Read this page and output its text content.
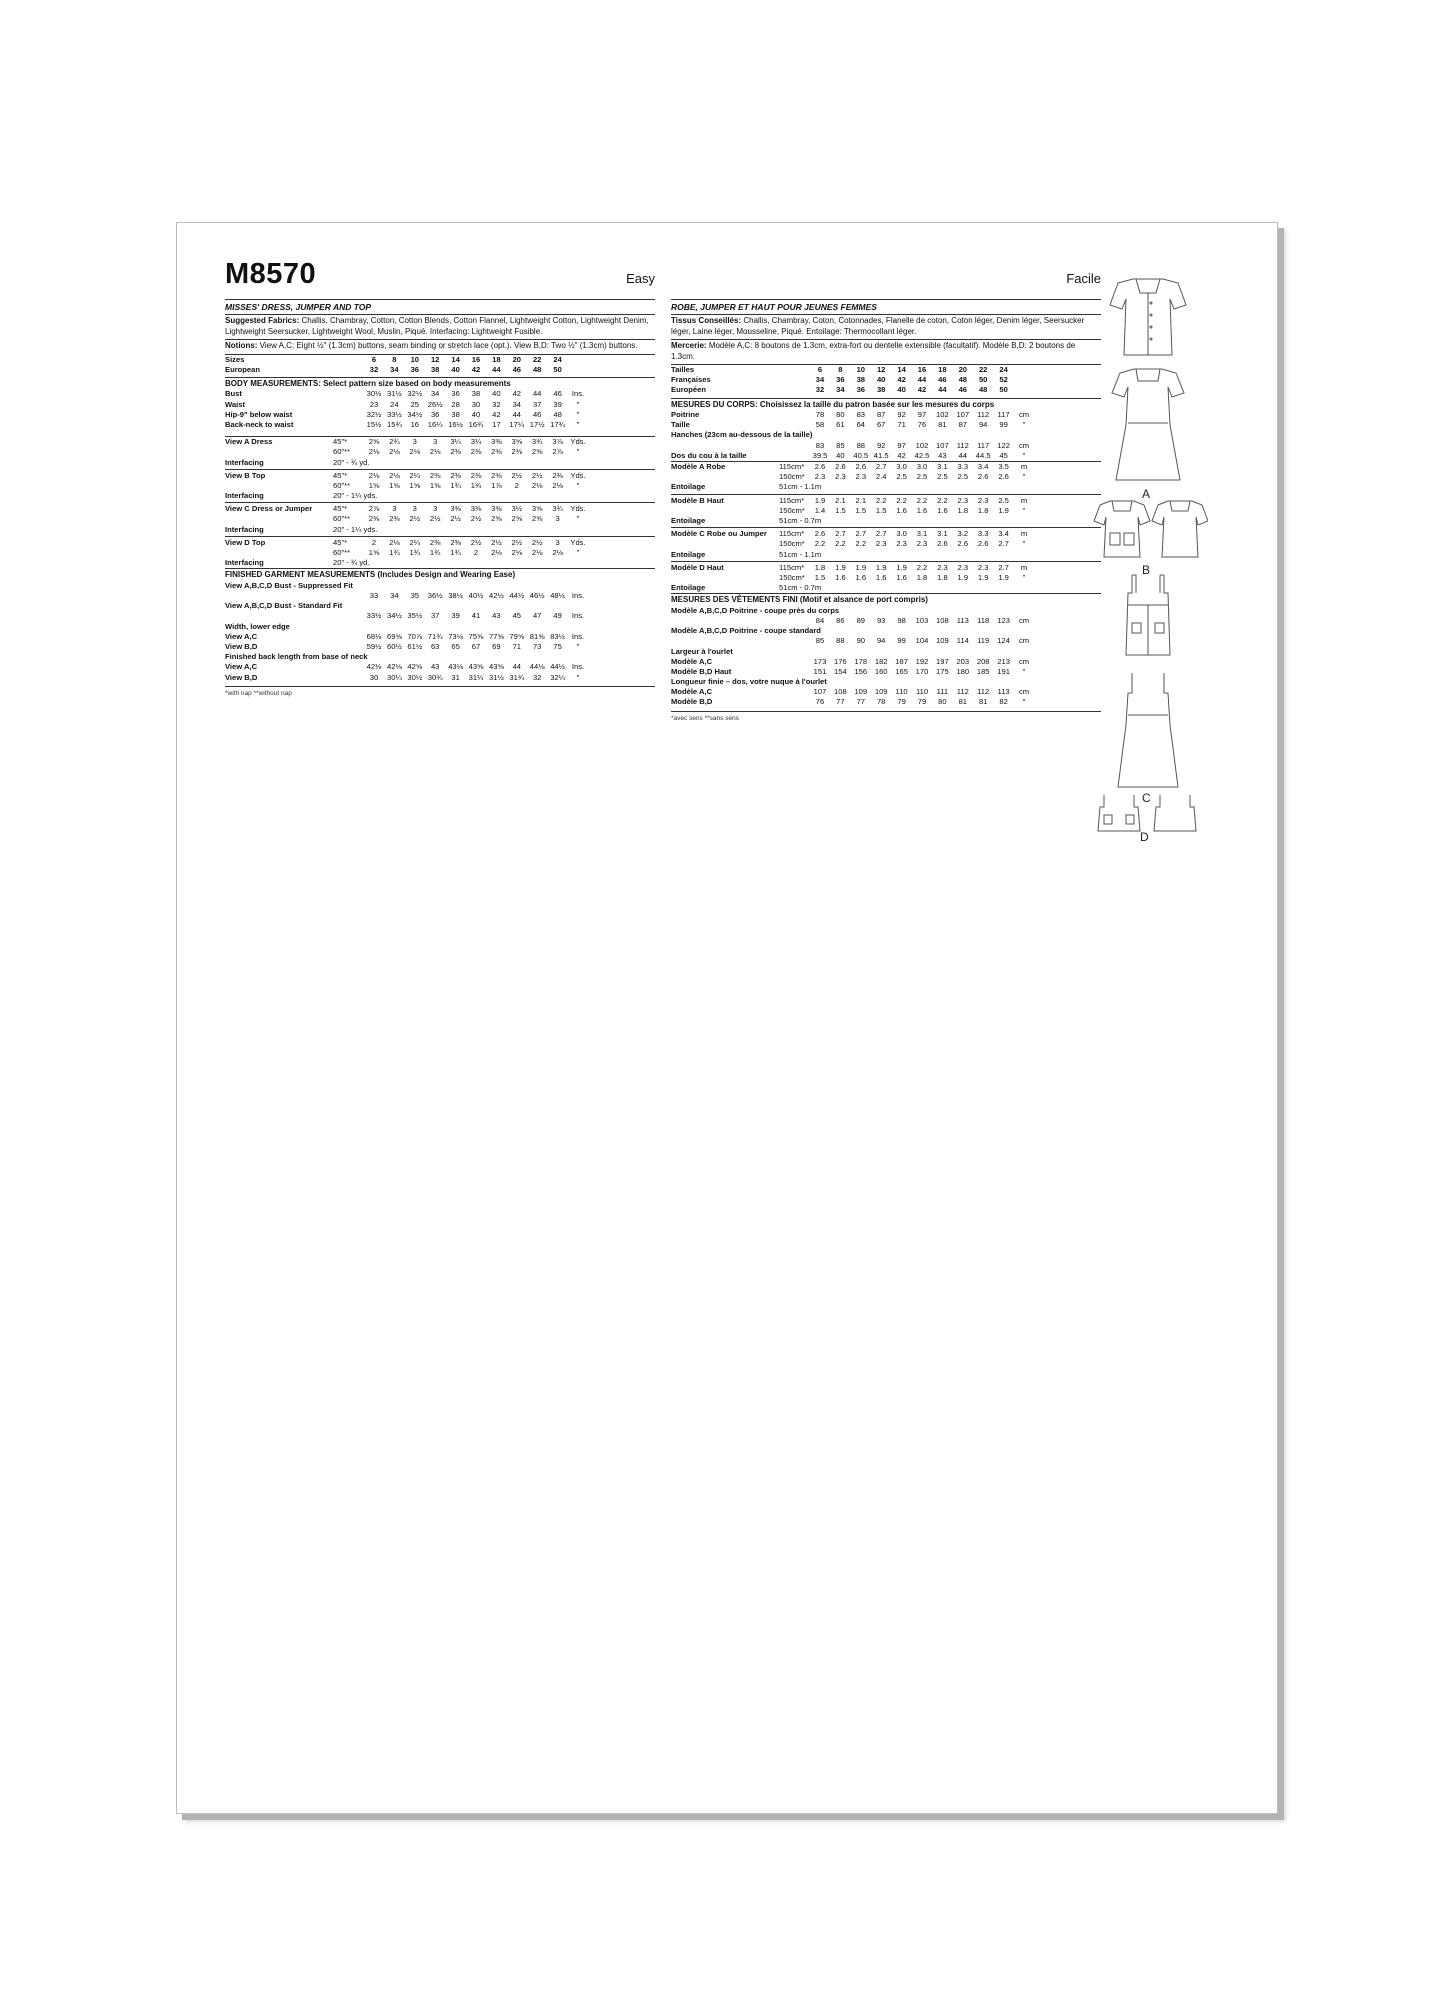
M8570	Easy
MISSES' DRESS, JUMPER AND TOP
Suggested Fabrics: Challis, Chambray, Cotton, Cotton Blends, Cotton Flannel, Lightweight Cotton, Lightweight Denim, Lightweight Seersucker, Lightweight Wool, Muslin, Piqué. Interfacing: Lightweight Fusible.
Notions: View A,C: Eight ½" (1.3cm) buttons, seam binding or stretch lace (opt.). View B,D: Two ½" (1.3cm) buttons.
Sizes	6	8	10	12	14	16	18	20	22	24
European	32	34	36	38	40	42	44	46	48	50
BODY MEASUREMENTS: Select pattern size based on body measurements
Bust	30½ 31½ 32½	34	36	38	40	42	44	46	Ins.
Waist	23	24	25	26½	28	30	32	34	37	39	"
Hip-9" below waist	32½ 33½ 34½	36	38	40	42	44	46	48	"
Back-neck to waist	15½ 15¾	16	16¼ 16½ 16¾	17	17¼ 17½ 17¾	"
View A Dress	45"*	2⅝	2¾	3	3	3¼	3¼	3⅜	3⅝	3¾	3⅞ Yds.
60"**	2⅛	2⅛	2⅛	2⅛	2⅜	2⅜	2⅜	2⅜	2⅝	2⅞	"
Interfacing	20" - ¾ yd.
View B Top	45"*	2⅛	2⅛	2¼	2⅜	2⅜	2⅜	2⅜	2½	2½	2⅜ Yds.
60"**	1⅝	1⅝	1⅝	1⅝	1¾	1¾	1⅞	2	2⅛	2⅛	"
Interfacing	20" - 1¼ yds.
View C Dress or Jumper	45"*	2⅞	3	3	3	3⅜	3⅜	3⅜	3½	3⅝	3¾ Yds.
60"**	2⅜	2⅜	2½	2½	2½	2½	2⅝	2⅝	2⅝	3	"
Interfacing	20" - 1¼ yds.
View D Top	45"*	2	2⅛	2¼	2⅜	2⅜	2½	2½	2½	2½	3	Yds.
60"**	1⅝	1¾	1¾	1¾	1¾	2	2⅛	2⅛	2⅛	2⅛	"
Interfacing	20" - ¾ yd.
FINISHED GARMENT MEASUREMENTS (Includes Design and Wearing Ease)
View A,B,C,D Bust - Suppressed Fit
33	34	35	36½ 38½ 40½ 42½ 44½ 46½ 48½ Ins.
View A,B,C,D Bust - Standard Fit
33½ 34½ 35½	37	39	41	43	45	47	49	Ins.
Width, lower edge
View A,C	68⅛ 69⅝ 70⅞ 71¾ 73⅛ 75⅝ 77⅝ 79⅝ 81⅝ 83½ Ins.
View B,D	59½ 60½ 61½	63	65	67	69	71	73	75	"
Finished back length from base of neck
View A,C	42⅛ 42⅛ 42⅝	43	43⅛ 43⅝ 43⅝	44	44⅛ 44½ Ins.
View B,D	30	30¼ 30½ 30¾	31	31¼ 31½ 31¾	32	32¼	"
*with nap **without nap
Facile
ROBE, JUMPER ET HAUT POUR JEUNES FEMMES
Tissus Conseillés: Challis, Chambray, Coton, Cotonnades, Flanelle de coton, Coton léger, Denim léger, Seersucker léger, Laine léger, Mousseline, Piqué. Entoilage: Thermocollant léger.
Mercerie: Modèle A,C: 8 boutons de 1.3cm, extra-fort ou dentelle extensible (facultatif). Modèle B,D: 2 boutons de 1.3cm.
Tailles	6	8	10	12	14	16	18	20	22	24
Françaises	34	36	38	40	42	44	46	48	50	52
Européen	32	34	36	38	40	42	44	46	48	50
MESURES DU CORPS: Choisissez la taille du patron basée sur les mesures du corps
Poitrine	78	80	83	87	92	97	102	107	112	117	cm
Taille	58	61	64	67	71	76	81	87	94	99	"
Hanches (23cm au-dessous de la taille)
83	85	88	92	97	102	107	112	117	122	cm
Dos du cou à la taille	39.5	40	40.5 41.5	42	42.5	43	44	44.5	45	"
Modèle A Robe	115cm*	2.6	2.6	2.6	2.7	3.0	3.0	3.1	3.3	3.4	3.5	m
150cm*	2.3	2.3	2.3	2.4	2.5	2.5	2.5	2.5	2.6	2.6	"
Entoilage	51cm - 1.1m
Modèle B Haut	115cm*	1.9	2.1	2.1	2.2	2.2	2.2	2.2	2.3	2.3	2.5	m
150cm*	1.4	1.5	1.5	1.5	1.6	1.6	1.6	1.8	1.8	1.9	"
Entoilage	51cm - 0.7m
Modèle C Robe ou Jumper 115cm*	2.6	2.7	2.7	2.7	3.0	3.1	3.1	3.2	3.3	3.4	m
150cm*	2.2	2.2	2.2	2.3	2.3	2.3	2.6	2.6	2.6	2.7	"
Entoilage	51cm - 1.1m
Modèle D Haut	115cm*	1.8	1.9	1.9	1.9	1.9	2.2	2.3	2.3	2.3	2.7	m
150cm*	1.5	1.6	1.6	1.6	1.6	1.8	1.8	1.9	1.9	1.9	"
Entoilage	51cm - 0.7m
MESURES DES VÊTEMENTS FINI (Motif et alsance de port compris)
Modèle A,B,C,D Poitrine - coupe près du corps
84	86	89	93	98	103	108	113	118	123	cm
Modèle A,B,C,D Poitrine - coupe standard
85	88	90	94	99	104	109	114	119	124	cm
Largeur à l'ourlet
Modèle A,C	173	176	178	182	187	192	197	203	208	213	cm
Modèle B,D Haut	151	154	156	160	165	170	175	180	185	191	"
Longueur finie – dos, votre nuque à l'ourlet
Modèle A,C	107	108	109	109	110	110	111	112	112	113	cm
Modèle B,D	76	77	77	78	79	79	80	81	81	82	"
*avec sens **sans sens
A
B
C
D
